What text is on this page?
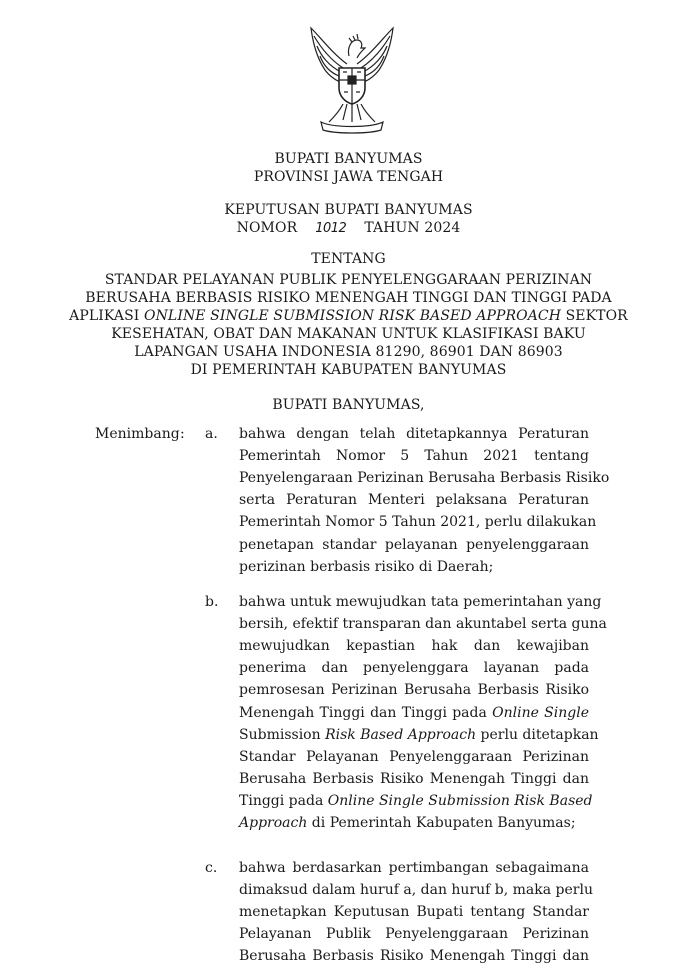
BUPATI BANYUMAS
PROVINSI JAWA TENGAH
KEPUTUSAN BUPATI BANYUMAS
NOMOR 1012 TAHUN 2024
TENTANG
STANDAR PELAYANAN PUBLIK PENYELENGGARAAN PERIZINAN
BERUSAHA BERBASIS RISIKO MENENGAH TINGGI DAN TINGGI PADA
APLIKASI ONLINE SINGLE SUBMISSION RISK BASED APPROACH SEKTOR
KESEHATAN, OBAT DAN MAKANAN UNTUK KLASIFIKASI BAKU
LAPANGAN USAHA INDONESIA 81290, 86901 DAN 86903
DI PEMERINTAH KABUPATEN BANYUMAS
BUPATI BANYUMAS,
Menimbang : a. bahwa dengan telah ditetapkannya Peraturan
Pemerintah Nomor 5 Tahun 2021 tentang
Penyelengaraan Perizinan Berusaha Berbasis Risiko
serta Peraturan Menteri pelaksana Peraturan
Pemerintah Nomor 5 Tahun 2021, perlu dilakukan
penetapan standar pelayanan penyelenggaraan
perizinan berbasis risiko di Daerah;
b. bahwa untuk mewujudkan tata pemerintahan yang
bersih, efektif transparan dan akuntabel serta guna
mewujudkan kepastian hak dan kewajiban
penerima dan penyelenggara layanan pada
pemrosesan Perizinan Berusaha Berbasis Risiko
Menengah Tinggi dan Tinggi pada Online Single
Submission Risk Based Approach perlu ditetapkan
Standar Pelayanan Penyelenggaraan Perizinan
Berusaha Berbasis Risiko Menengah Tinggi dan
Tinggi pada Online Single Submission Risk Based
Approach di Pemerintah Kabupaten Banyumas;
c. bahwa berdasarkan pertimbangan sebagaimana
dimaksud dalam huruf a, dan huruf b, maka perlu
menetapkan Keputusan Bupati tentang Standar
Pelayanan Publik Penyelenggaraan Perizinan
Berusaha Berbasis Risiko Menengah Tinggi dan
